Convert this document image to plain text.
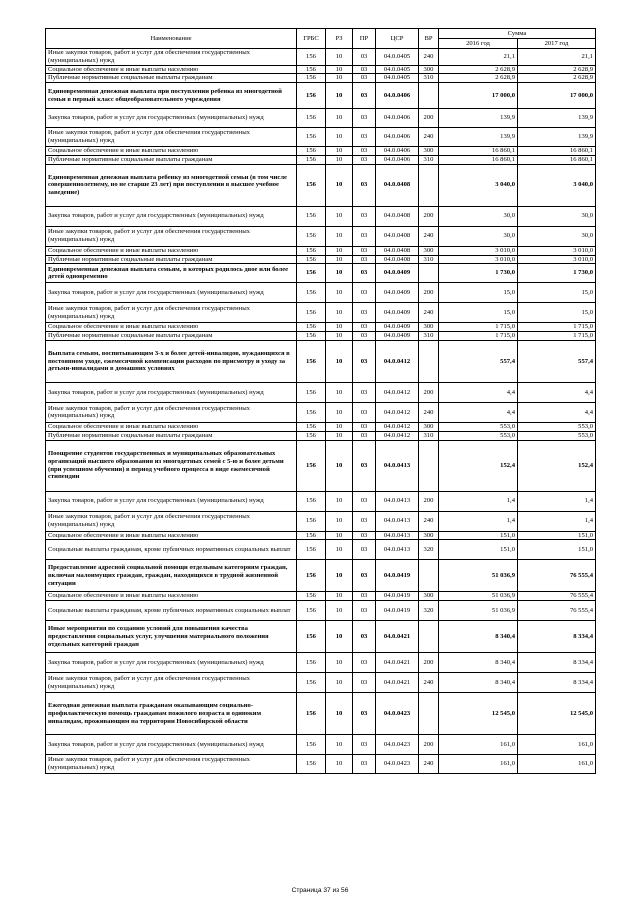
Наименование	ГРБС	РЗ	ПР	ЦСР	ВР	Сумма	
						2016 год	2017 год
Иные закупки товаров, работ и услуг для обеспечения государственных (муниципальных) нужд	156	10	03	04.0.0405	240	21,1	21,1
Социальное обеспечение и иные выплаты населению	156	10	03	04.0.0405	300	2 628,9	2 628,9
Публичные нормативные социальные выплаты гражданам	156	10	03	04.0.0405	310	2 628,9	2 628,9
Единовременная денежная выплата при поступлении ребенка из многодетной семьи в первый класс общеобразовательного учреждения	156	10	03	04.0.0406		17 000,0	17 000,0
Закупка товаров, работ и услуг для государственных (муниципальных) нужд	156	10	03	04.0.0406	200	139,9	139,9
Иные закупки товаров, работ и услуг для обеспечения государственных (муниципальных) нужд	156	10	03	04.0.0406	240	139,9	139,9
Социальное обеспечение и иные выплаты населению	156	10	03	04.0.0406	300	16 860,1	16 860,1
Публичные нормативные социальные выплаты гражданам	156	10	03	04.0.0406	310	16 860,1	16 860,1
Единовременная денежная выплата ребенку из многодетной семьи (в том числе совершеннолетнему, но не старше 23 лет) при поступлении в высшее учебное заведение)	156	10	03	04.0.0408		3 040,0	3 040,0
Закупка товаров, работ и услуг для государственных (муниципальных) нужд	156	10	03	04.0.0408	200	30,0	30,0
Иные закупки товаров, работ и услуг для обеспечения государственных (муниципальных) нужд	156	10	03	04.0.0408	240	30,0	30,0
Социальное обеспечение и иные выплаты населению	156	10	03	04.0.0408	300	3 010,0	3 010,0
Публичные нормативные социальные выплаты гражданам	156	10	03	04.0.0408	310	3 010,0	3 010,0
Единовременная денежная выплата семьям, в которых родилось двое или более детей одновременно	156	10	03	04.0.0409		1 730,0	1 730,0
Закупка товаров, работ и услуг для государственных (муниципальных) нужд	156	10	03	04.0.0409	200	15,0	15,0
Иные закупки товаров, работ и услуг для обеспечения государственных (муниципальных) нужд	156	10	03	04.0.0409	240	15,0	15,0
Социальное обеспечение и иные выплаты населению	156	10	03	04.0.0409	300	1 715,0	1 715,0
Публичные нормативные социальные выплаты гражданам	156	10	03	04.0.0409	310	1 715,0	1 715,0
Выплата семьям, воспитывающим 3-х и более детей-инвалидов, нуждающихся в постоянном уходе, ежемесячной компенсации расходов по присмотру и уходу за детьми-инвалидами в домашних условиях	156	10	03	04.0.0412		557,4	557,4
Закупка товаров, работ и услуг для государственных (муниципальных) нужд	156	10	03	04.0.0412	200	4,4	4,4
Иные закупки товаров, работ и услуг для обеспечения государственных (муниципальных) нужд	156	10	03	04.0.0412	240	4,4	4,4
Социальное обеспечение и иные выплаты населению	156	10	03	04.0.0412	300	553,0	553,0
Публичные нормативные социальные выплаты гражданам	156	10	03	04.0.0412	310	553,0	553,0
Поощрение студентов государственных и муниципальных образовательных организаций высшего образования из многодетных семей с 5-ю и более детьми (при успешном обучении) в период учебного процесса в виде ежемесячной стипендии	156	10	03	04.0.0413		152,4	152,4
Закупка товаров, работ и услуг для государственных (муниципальных) нужд	156	10	03	04.0.0413	200	1,4	1,4
Иные закупки товаров, работ и услуг для обеспечения государственных (муниципальных) нужд	156	10	03	04.0.0413	240	1,4	1,4
Социальное обеспечение и иные выплаты населению	156	10	03	04.0.0413	300	151,0	151,0
Социальные выплаты гражданам, кроме публичных нормативных социальных выплат	156	10	03	04.0.0413	320	151,0	151,0
Предоставление адресной социальной помощи отдельным категориям граждан, включая малоимущих граждан, граждан, находящихся в трудной жизненной ситуации	156	10	03	04.0.0419		51 036,9	76 555,4
Социальное обеспечение и иные выплаты населению	156	10	03	04.0.0419	300	51 036,9	76 555,4
Социальные выплаты гражданам, кроме публичных нормативных социальных выплат	156	10	03	04.0.0419	320	51 036,9	76 555,4
Иные мероприятия по созданию условий для повышения качества предоставления социальных услуг, улучшения материального положения отдельных категорий граждан	156	10	03	04.0.0421		8 340,4	8 334,4
Закупка товаров, работ и услуг для государственных (муниципальных) нужд	156	10	03	04.0.0421	200	8 340,4	8 334,4
Иные закупки товаров, работ и услуг для обеспечения государственных (муниципальных) нужд	156	10	03	04.0.0421	240	8 340,4	8 334,4
Ежегодная денежная выплата гражданам оказывающим социально- профилактическую помощь гражданам пожилого возраста и одиноким инвалидам, проживающим на территории Новосибирской области	156	10	03	04.0.0423		12 545,0	12 545,0
Закупка товаров, работ и услуг для государственных (муниципальных) нужд	156	10	03	04.0.0423	200	161,0	161,0
Иные закупки товаров, работ и услуг для обеспечения государственных (муниципальных) нужд	156	10	03	04.0.0423	240	161,0	161,0
Страница 37 из 56
